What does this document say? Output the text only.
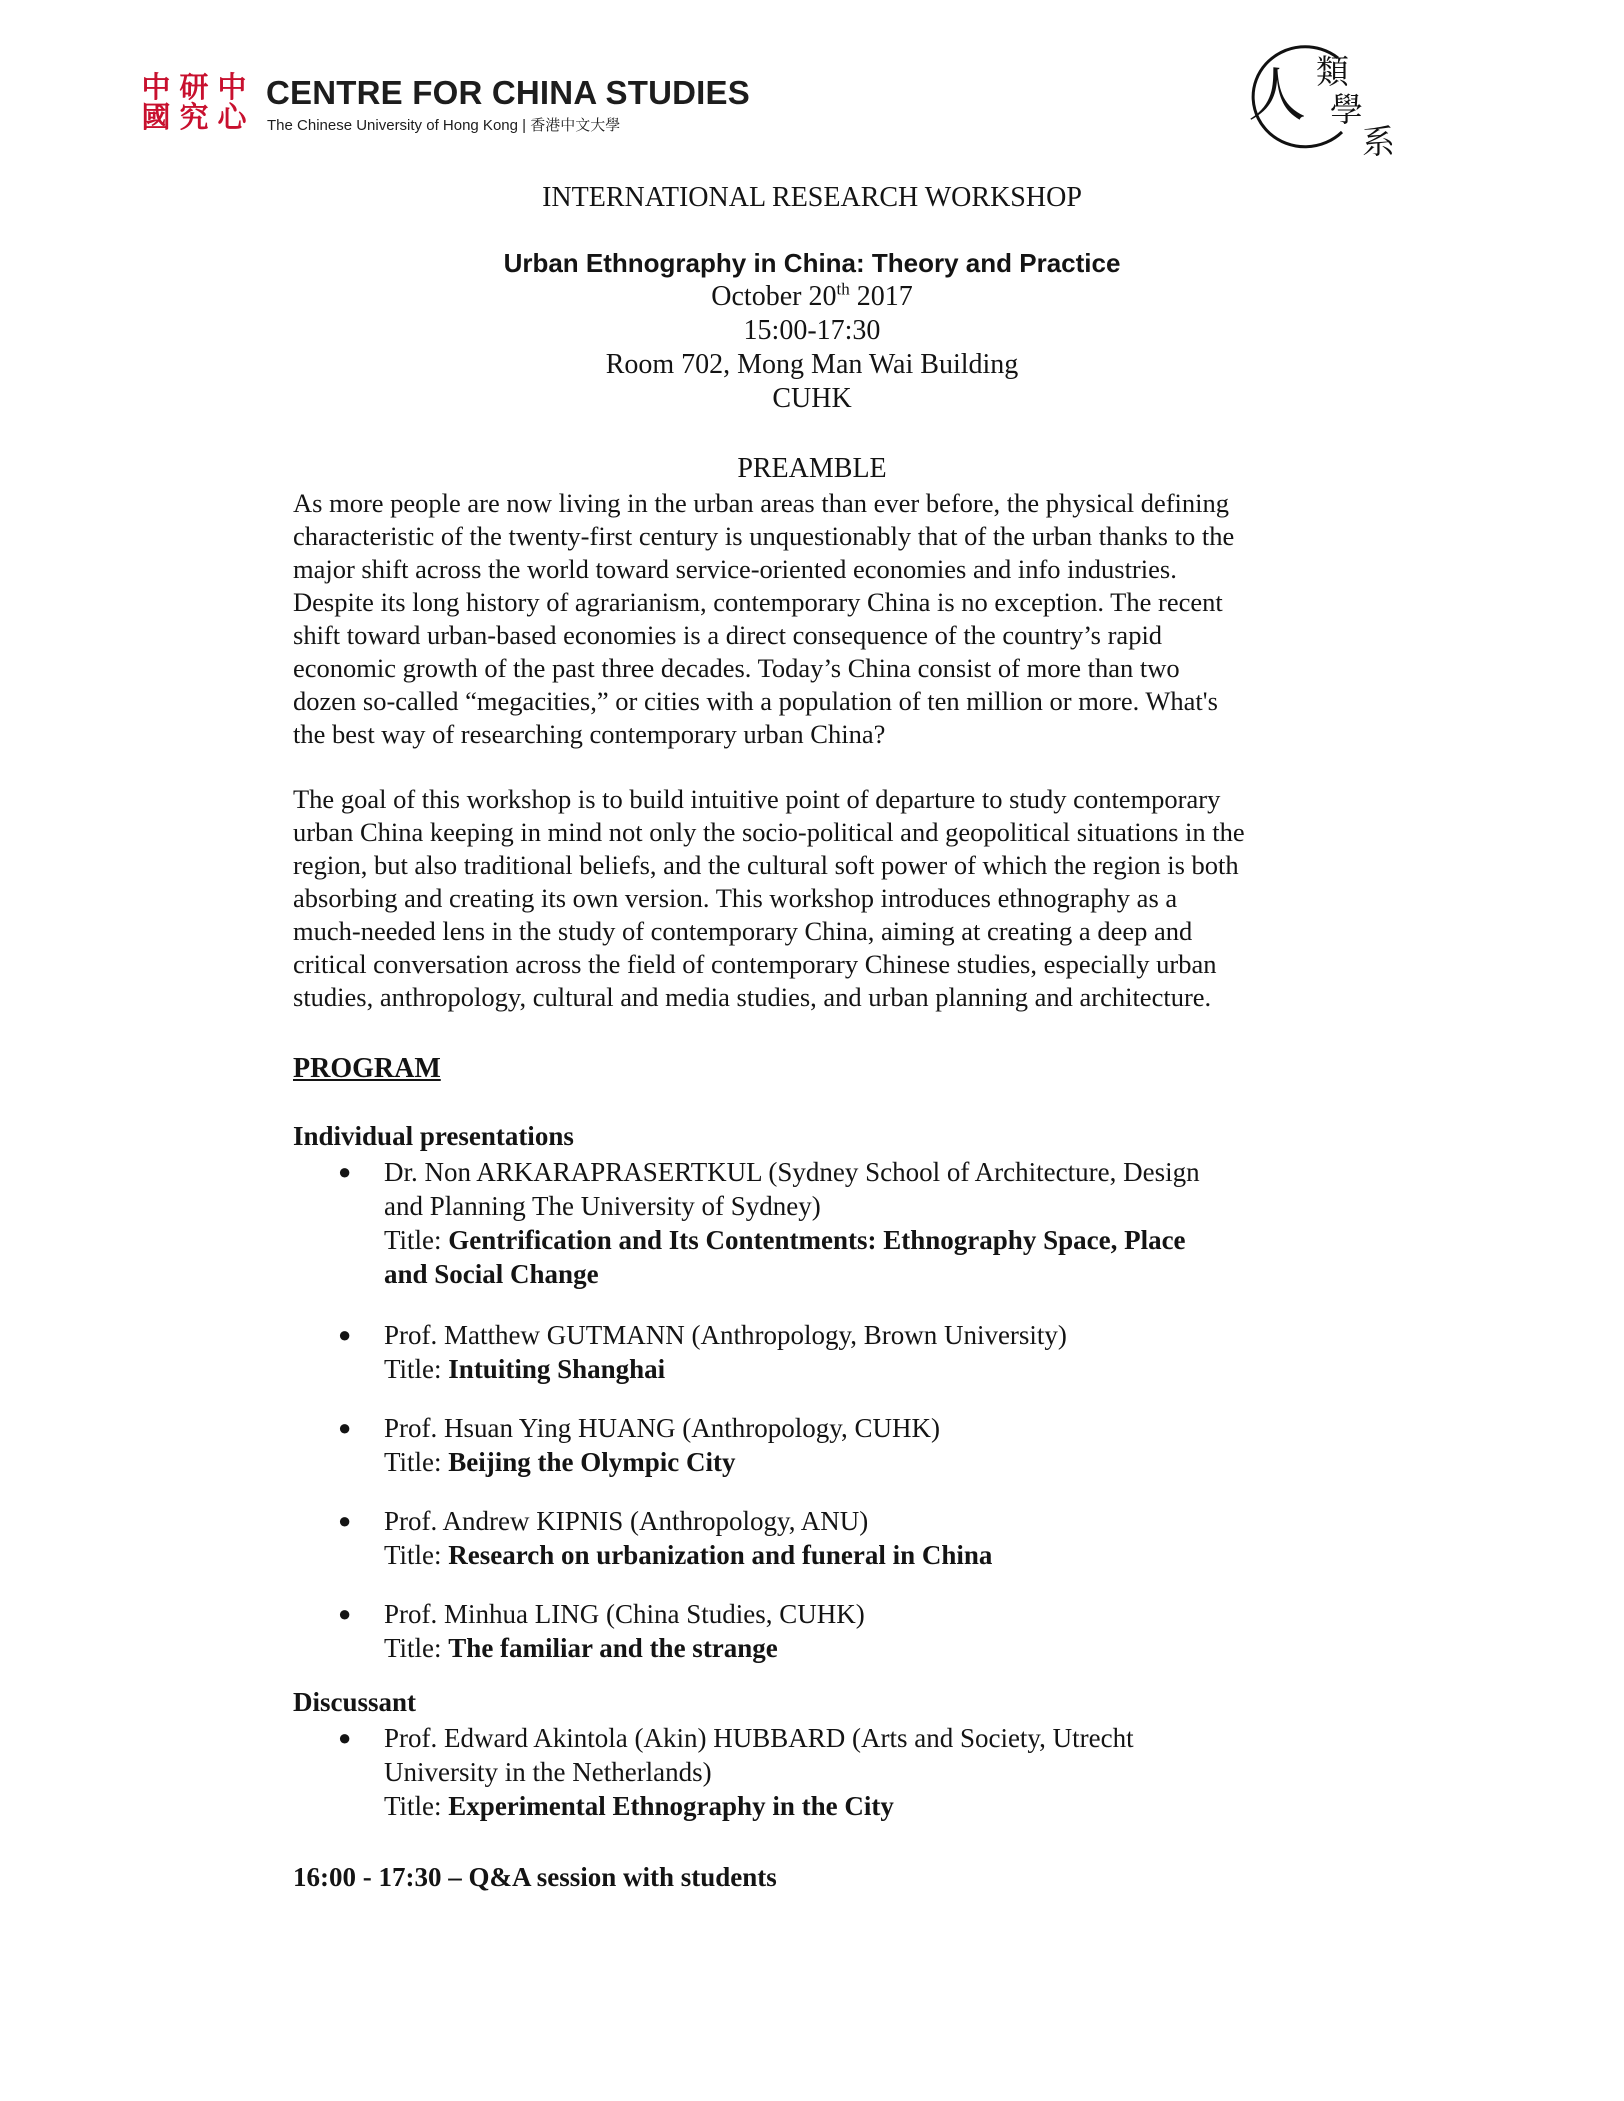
中 研 中
國 究 心
CENTRE FOR CHINA STUDIES
The Chinese University of Hong Kong | 香港中文大學	人 類
學
系
INTERNATIONAL RESEARCH WORKSHOP
Urban Ethnography in China: Theory and Practice
October 20th 2017
15:00-17:30
Room 702, Mong Man Wai Building
CUHK
PREAMBLE
As more people are now living in the urban areas than ever before, the physical defining
characteristic of the twenty-first century is unquestionably that of the urban thanks to the
major shift across the world toward service-oriented economies and info industries.
Despite its long history of agrarianism, contemporary China is no exception. The recent
shift toward urban-based economies is a direct consequence of the country’s rapid
economic growth of the past three decades. Today’s China consist of more than two
dozen so-called “megacities,” or cities with a population of ten million or more. What's
the best way of researching contemporary urban China?
The goal of this workshop is to build intuitive point of departure to study contemporary
urban China keeping in mind not only the socio-political and geopolitical situations in the
region, but also traditional beliefs, and the cultural soft power of which the region is both
absorbing and creating its own version. This workshop introduces ethnography as a
much-needed lens in the study of contemporary China, aiming at creating a deep and
critical conversation across the field of contemporary Chinese studies, especially urban
studies, anthropology, cultural and media studies, and urban planning and architecture.
PROGRAM
Individual presentations
● Dr. Non ARKARAPRASERTKUL (Sydney School of Architecture, Design
and Planning The University of Sydney)
Title: Gentrification and Its Contentments: Ethnography Space, Place
and Social Change
● Prof. Matthew GUTMANN (Anthropology, Brown University)
Title: Intuiting Shanghai
● Prof. Hsuan Ying HUANG (Anthropology, CUHK)
Title: Beijing the Olympic City
● Prof. Andrew KIPNIS (Anthropology, ANU)
Title: Research on urbanization and funeral in China
● Prof. Minhua LING (China Studies, CUHK)
Title: The familiar and the strange
Discussant
● Prof. Edward Akintola (Akin) HUBBARD (Arts and Society, Utrecht
University in the Netherlands)
Title: Experimental Ethnography in the City
16:00 - 17:30 – Q&A session with students
